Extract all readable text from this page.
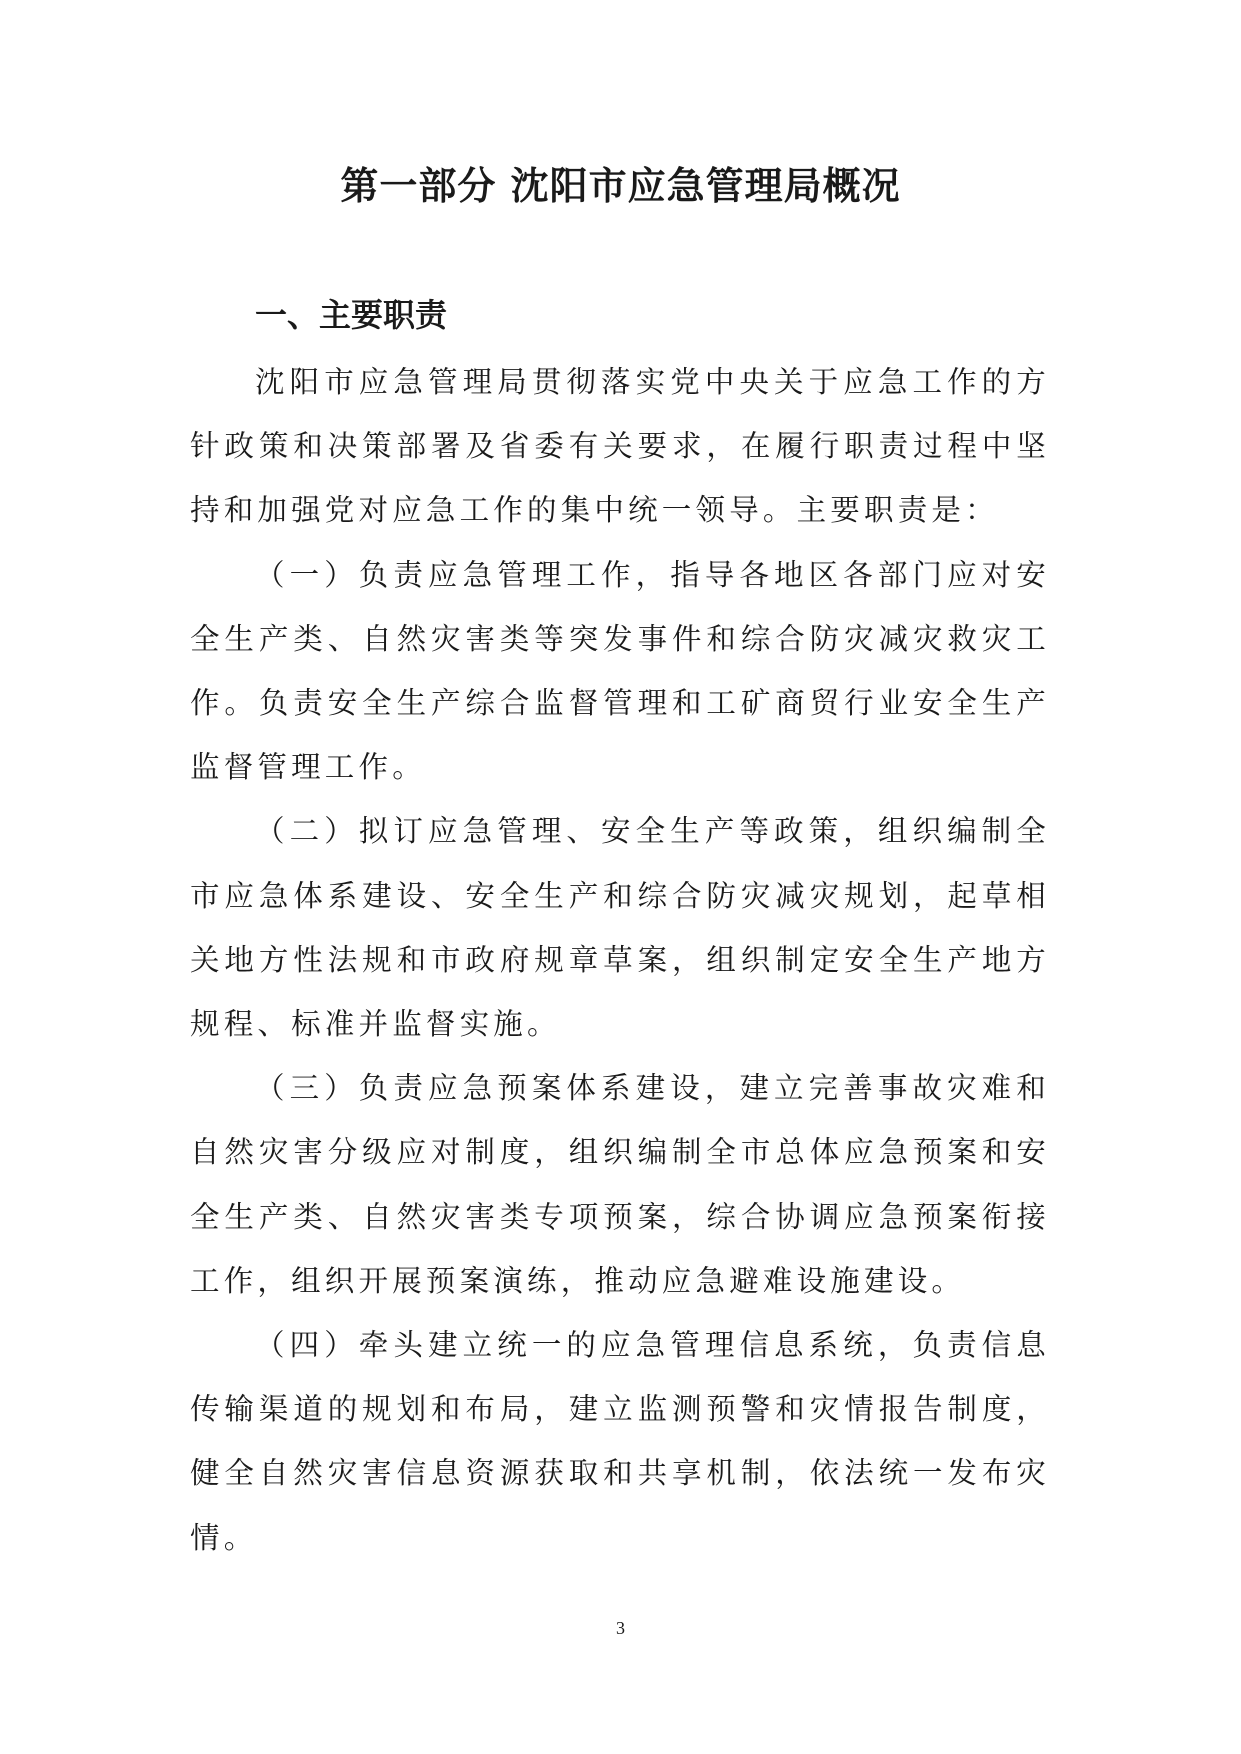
第一部分 沈阳市应急管理局概况
一、主要职责

沈阳市应急管理局贯彻落实党中央关于应急工作的方针政策和决策部署及省委有关要求，在履行职责过程中坚持和加强党对应急工作的集中统一领导。主要职责是：

（一）负责应急管理工作，指导各地区各部门应对安全生产类、自然灾害类等突发事件和综合防灾减灾救灾工作。负责安全生产综合监督管理和工矿商贸行业安全生产监督管理工作。

（二）拟订应急管理、安全生产等政策，组织编制全市应急体系建设、安全生产和综合防灾减灾规划，起草相关地方性法规和市政府规章草案，组织制定安全生产地方规程、标准并监督实施。

（三）负责应急预案体系建设，建立完善事故灾难和自然灾害分级应对制度，组织编制全市总体应急预案和安全生产类、自然灾害类专项预案，综合协调应急预案衔接工作，组织开展预案演练，推动应急避难设施建设。

（四）牵头建立统一的应急管理信息系统，负责信息传输渠道的规划和布局，建立监测预警和灾情报告制度，健全自然灾害信息资源获取和共享机制，依法统一发布灾情。

3
